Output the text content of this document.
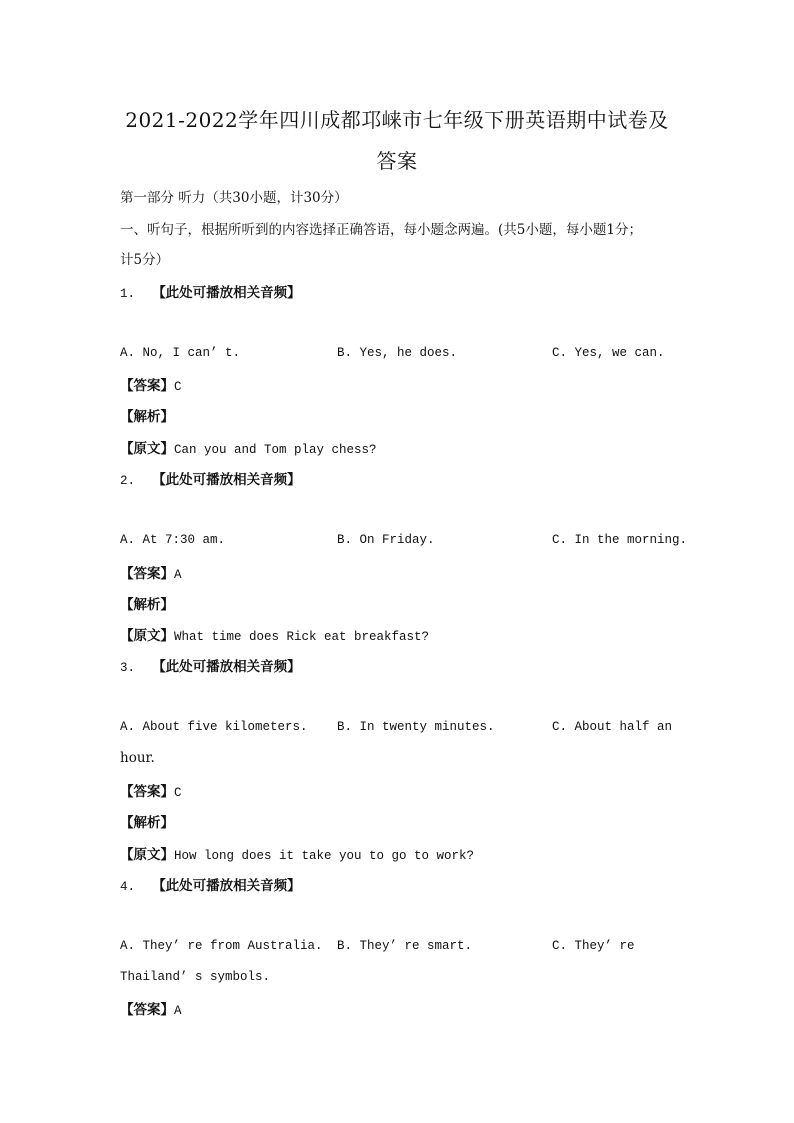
2021-2022学年四川成都邛崃市七年级下册英语期中试卷及
答案
第一部分 听力（共30小题，计30分）
一、听句子，根据所听到的内容选择正确答语，每小题念两遍。(共5小题，每小题1分；
计5分）
1. 【此处可播放相关音频】
A. No, I can’ t.	B. Yes, he does.	C. Yes, we can.
【答案】C
【解析】
【原文】Can you and Tom play chess?
2. 【此处可播放相关音频】
A. At 7:30 am.	B. On Friday.	C. In the morning.
【答案】A
【解析】
【原文】What time does Rick eat breakfast?
3. 【此处可播放相关音频】
A. About five kilometers. B. In twenty minutes.	C. About half an
hour.
【答案】C
【解析】
【原文】How long does it take you to go to work?
4. 【此处可播放相关音频】
A. They’ re from Australia. B. They’ re smart.	C. They’ re
Thailand’ s symbols.
【答案】A
